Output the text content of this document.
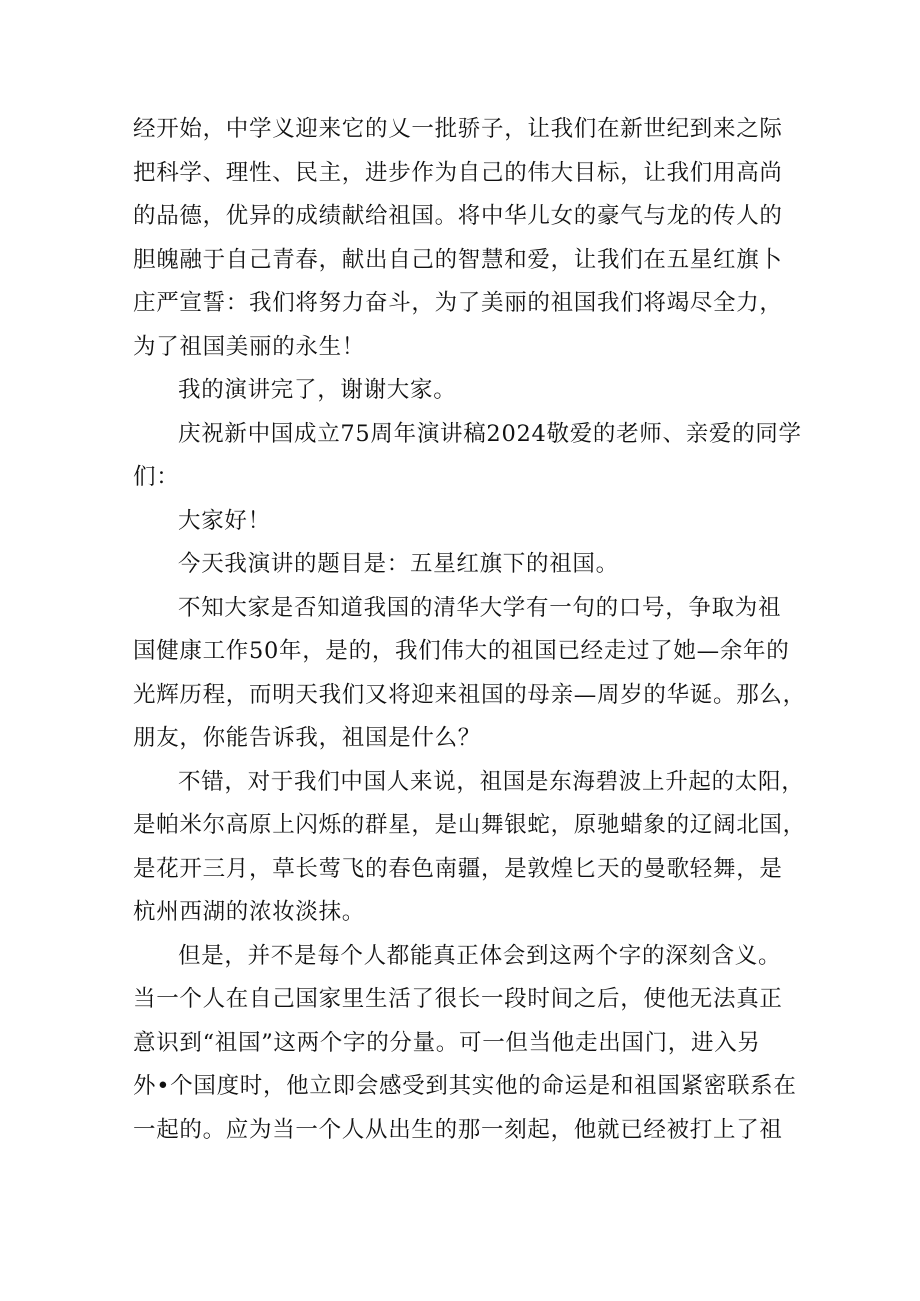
经开始，中学义迎来它的乂一批骄子，让我们在新世纪到来之际
把科学、理性、民主，进步作为自己的伟大目标，让我们用高尚
的品德，优异的成绩献给祖国。将中华儿女的豪气与龙的传人的
胆魄融于自己青春，献出自己的智慧和爱，让我们在五星红旗卜
庄严宣誓：我们将努力奋斗，为了美丽的祖国我们将竭尽全力，
为了祖国美丽的永生！
我的演讲完了，谢谢大家。
庆祝新中国成立75周年演讲稿2024敬爱的老师、亲爱的同学
们：
大家好！
今天我演讲的题目是：五星红旗下的祖国。
不知大家是否知道我国的清华大学有一句的口号，争取为祖
国健康工作50年，是的，我们伟大的祖国已经走过了她—余年的
光辉历程，而明天我们又将迎来祖国的母亲—周岁的华诞。那么，
朋友，你能告诉我，祖国是什么？
不错，对于我们中国人来说，祖国是东海碧波上升起的太阳，
是帕米尔高原上闪烁的群星，是山舞银蛇，原驰蜡象的辽阔北国，
是花开三月，草长莺飞的春色南疆，是敦煌匕天的曼歌轻舞，是
杭州西湖的浓妆淡抹。
但是，并不是每个人都能真正体会到这两个字的深刻含义。
当一个人在自己国家里生活了很长一段时间之后，使他无法真正
意识到“祖国”这两个字的分量。可一但当他走出国门，进入另
外•个国度时，他立即会感受到其实他的命运是和祖国紧密联系在
一起的。应为当一个人从出生的那一刻起，他就已经被打上了祖
